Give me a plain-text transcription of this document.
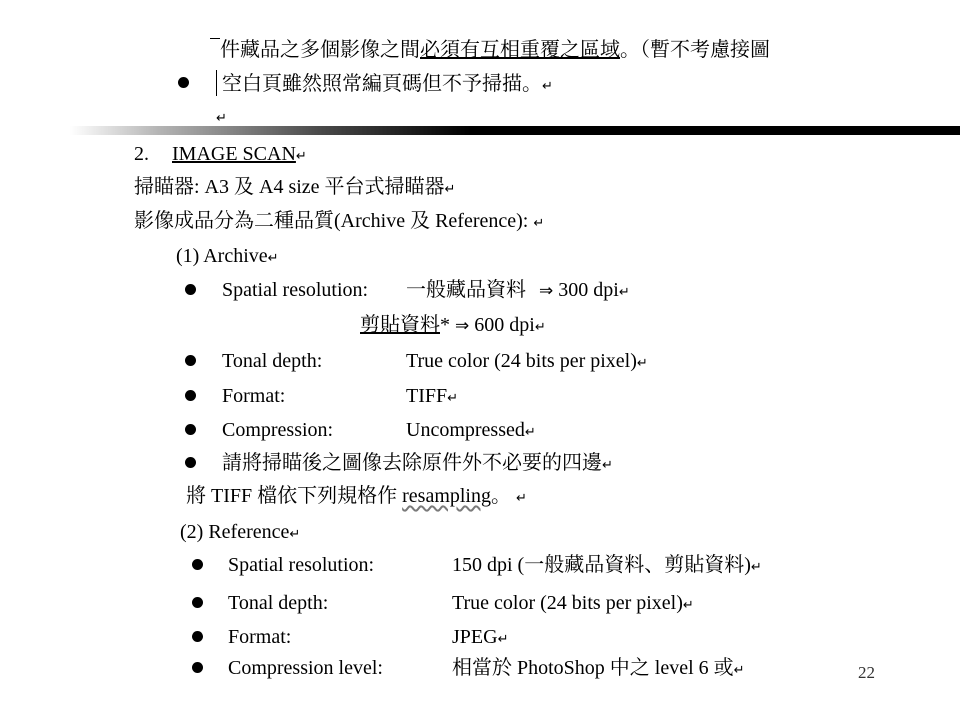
件藏品之多個影像之間必須有互相重覆之區域。（暫不考慮接圖
空白頁雖然照常編頁碼但不予掃描。↵
↵
2. IMAGE SCAN↵
掃瞄器: A3 及 A4 size 平台式掃瞄器↵
影像成品分為二種品質(Archive 及 Reference): ↵
(1) Archive↵
Spatial resolution: 一般藏品資料 ⇒ 300 dpi↵
剪貼資料* ⇒ 600 dpi↵
Tonal depth:	True color (24 bits per pixel)↵
Format:	TIFF↵
Compression:	Uncompressed↵
請將掃瞄後之圖像去除原件外不必要的四邊↵
將 TIFF 檔依下列規格作 resampling。 ↵
(2) Reference↵
Spatial resolution:	150 dpi (一般藏品資料、剪貼資料)↵
Tonal depth:	True color (24 bits per pixel)↵
Format:	JPEG↵
Compression level:	相當於 PhotoShop 中之 level 6 或↵	22
